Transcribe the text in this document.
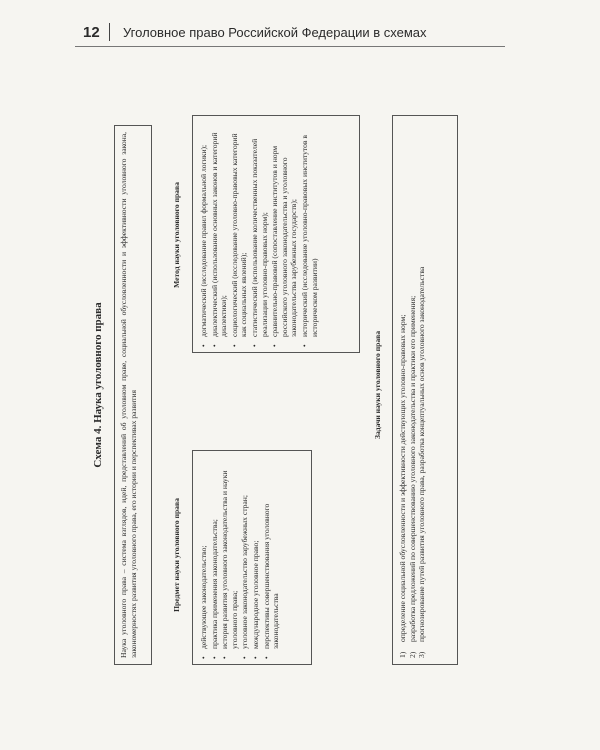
12 Уголовное право Российской Федерации в схемах
Схема 4. Наука уголовного права	Наука уголовного права – система взглядов, идей, представлений об уголовном праве, социальной обусловленности и эффективности уголовного закона, закономерностях развития уголовного права, его истории и перспективах развития	Предмет науки уголовного права • действующее законодательство; • практика применения законодательства; • история развития уголовного законодательства и науки уголовного права; • уголовное законодательство зарубежных стран; • международное уголовное право; • перспективы совершенствования уголовного законодательства
Метод науки уголовного права • догматический (исследование правил формальной логики); • диалектический (использование основных законов и категорий диалектики); • социологический (исследование уголовно-правовых категорий как социальных явлений); • статистический (использование количественных показателей реализации уголовно-правовых норм); • сравнительно-правовой (сопоставление институтов и норм российского уголовного законодательства и уголовного законодательства зарубежных государств); • исторический (исследование уголовно-правовых институтов в историческом развитии)
Задачи науки уголовного права
1)
определение социальной обусловленности и эффективности действующих уголовно-правовых норм;
2)
разработка предложений по совершенствованию уголовного законодательства и практики его применения;
3)
прогнозирование путей развития уголовного права, разработка концептуальных основ уголовного законодательства
